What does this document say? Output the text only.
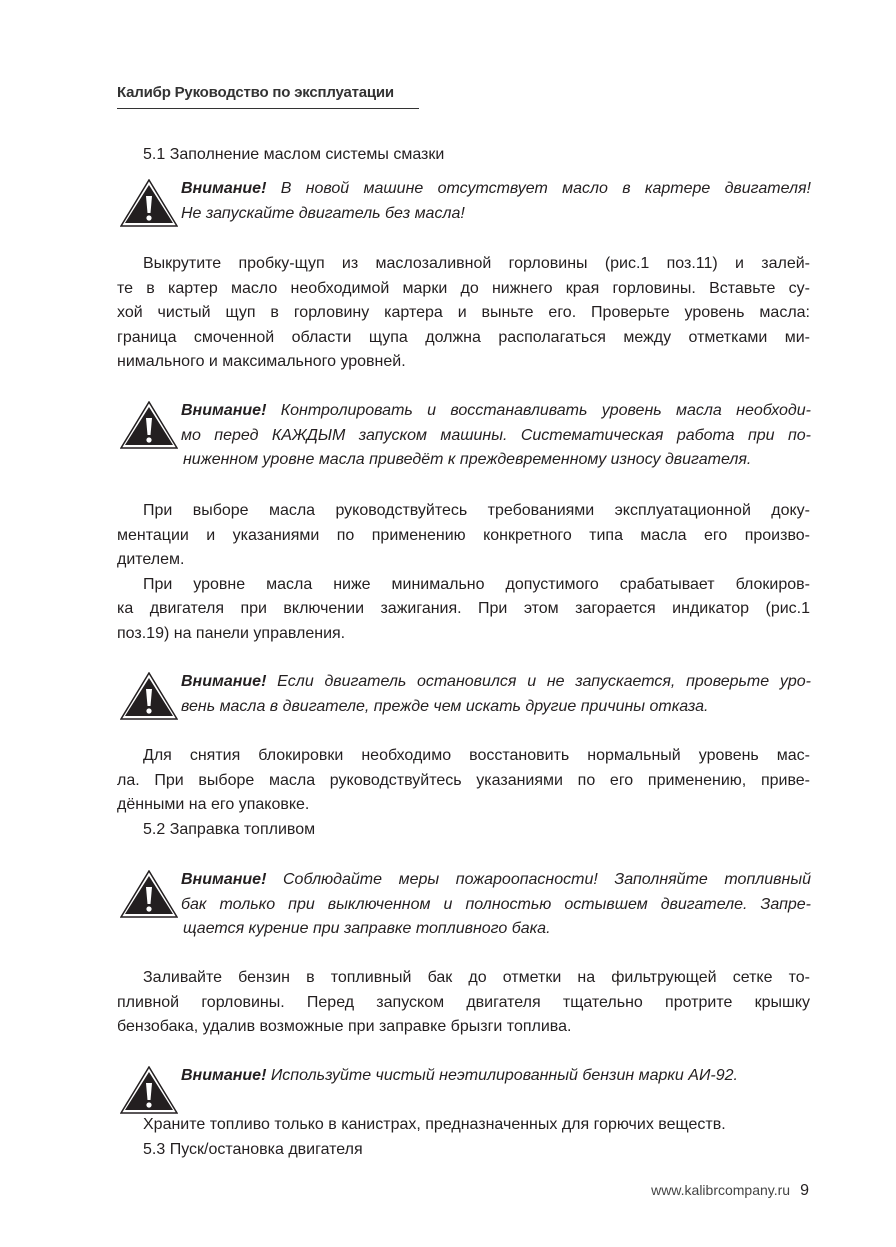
Калибр Руководство по эксплуатации
5.1 Заполнение маслом системы смазки
Внимание! В новой машине отсутствует масло в картере двигателя!
Не запускайте двигатель без масла!
Выкрутите пробку-щуп из маслозаливной горловины (рис.1 поз.11) и залей-
те в картер масло необходимой марки до нижнего края горловины. Вставьте су-
хой чистый щуп в горловину картера и выньте его. Проверьте уровень масла:
граница смоченной области щупа должна располагаться между отметками ми-
нимального и максимального уровней.
Внимание! Контролировать и восстанавливать уровень масла необходи-
мо перед КАЖДЫМ запуском машины. Систематическая работа при по-
ниженном уровне масла приведёт к преждевременному износу двигателя.
При выборе масла руководствуйтесь требованиями эксплуатационной доку-
ментации и указаниями по применению конкретного типа масла его произво-
дителем.
При уровне масла ниже минимально допустимого срабатывает блокиров-
ка двигателя при включении зажигания. При этом загорается индикатор (рис.1
поз.19) на панели управления.
Внимание! Если двигатель остановился и не запускается, проверьте уро-
вень масла в двигателе, прежде чем искать другие причины отказа.
Для снятия блокировки необходимо восстановить нормальный уровень мас-
ла. При выборе масла руководствуйтесь указаниями по его применению, приве-
дёнными на его упаковке.
5.2 Заправка топливом
Внимание! Соблюдайте меры пожароопасности! Заполняйте топливный
бак только при выключенном и полностью остывшем двигателе. Запре-
щается курение при заправке топливного бака.
Заливайте бензин в топливный бак до отметки на фильтрующей сетке то-
пливной горловины. Перед запуском двигателя тщательно протрите крышку
бензобака, удалив возможные при заправке брызги топлива.
Внимание! Используйте чистый неэтилированный бензин марки АИ-92.
Храните топливо только в канистрах, предназначенных для горючих веществ.
5.3 Пуск/остановка двигателя
www.kalibrcompany.ru 9
